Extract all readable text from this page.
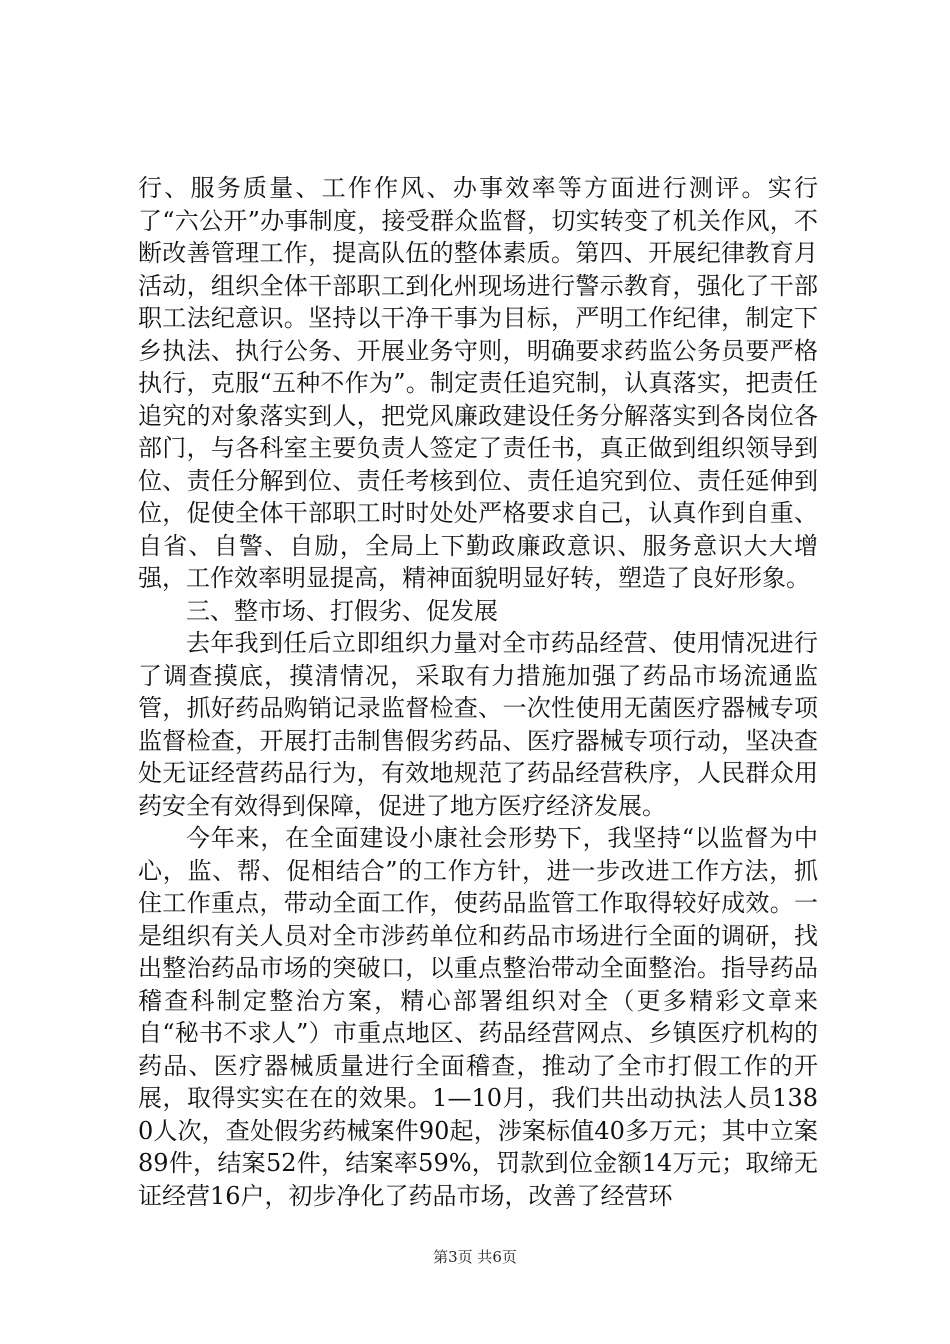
行、服务质量、工作作风、办事效率等方面进行测评。实行了“六公开”办事制度，接受群众监督，切实转变了机关作风，不断改善管理工作，提高队伍的整体素质。第四、开展纪律教育月活动，组织全体干部职工到化州现场进行警示教育，强化了干部职工法纪意识。坚持以干净干事为目标，严明工作纪律，制定下乡执法、执行公务、开展业务守则，明确要求药监公务员要严格执行，克服“五种不作为”。制定责任追究制，认真落实，把责任追究的对象落实到人，把党风廉政建设任务分解落实到各岗位各部门，与各科室主要负责人签定了责任书，真正做到组织领导到位、责任分解到位、责任考核到位、责任追究到位、责任延伸到位，促使全体干部职工时时处处严格要求自己，认真作到自重、自省、自警、自励，全局上下勤政廉政意识、服务意识大大增强，工作效率明显提高，精神面貌明显好转，塑造了良好形象。

三、整市场、打假劣、促发展

去年我到任后立即组织力量对全市药品经营、使用情况进行了调查摸底，摸清情况，采取有力措施加强了药品市场流通监管，抓好药品购销记录监督检查、一次性使用无菌医疗器械专项监督检查，开展打击制售假劣药品、医疗器械专项行动，坚决查处无证经营药品行为，有效地规范了药品经营秩序，人民群众用药安全有效得到保障，促进了地方医疗经济发展。

今年来，在全面建设小康社会形势下，我坚持“以监督为中心，监、帮、促相结合”的工作方针，进一步改进工作方法，抓住工作重点，带动全面工作，使药品监管工作取得较好成效。一是组织有关人员对全市涉药单位和药品市场进行全面的调研，找出整治药品市场的突破口，以重点整治带动全面整治。指导药品稽查科制定整治方案，精心部署组织对全（更多精彩文章来自“秘书不求人”）市重点地区、药品经营网点、乡镇医疗机构的药品、医疗器械质量进行全面稽查，推动了全市打假工作的开展，取得实实在在的效果。1—10月，我们共出动执法人员1380人次，查处假劣药械案件90起，涉案标值40多万元；其中立案89件，结案52件，结案率59%，罚款到位金额14万元；取缔无证经营16户，初步净化了药品市场，改善了经营环

第3页 共6页
